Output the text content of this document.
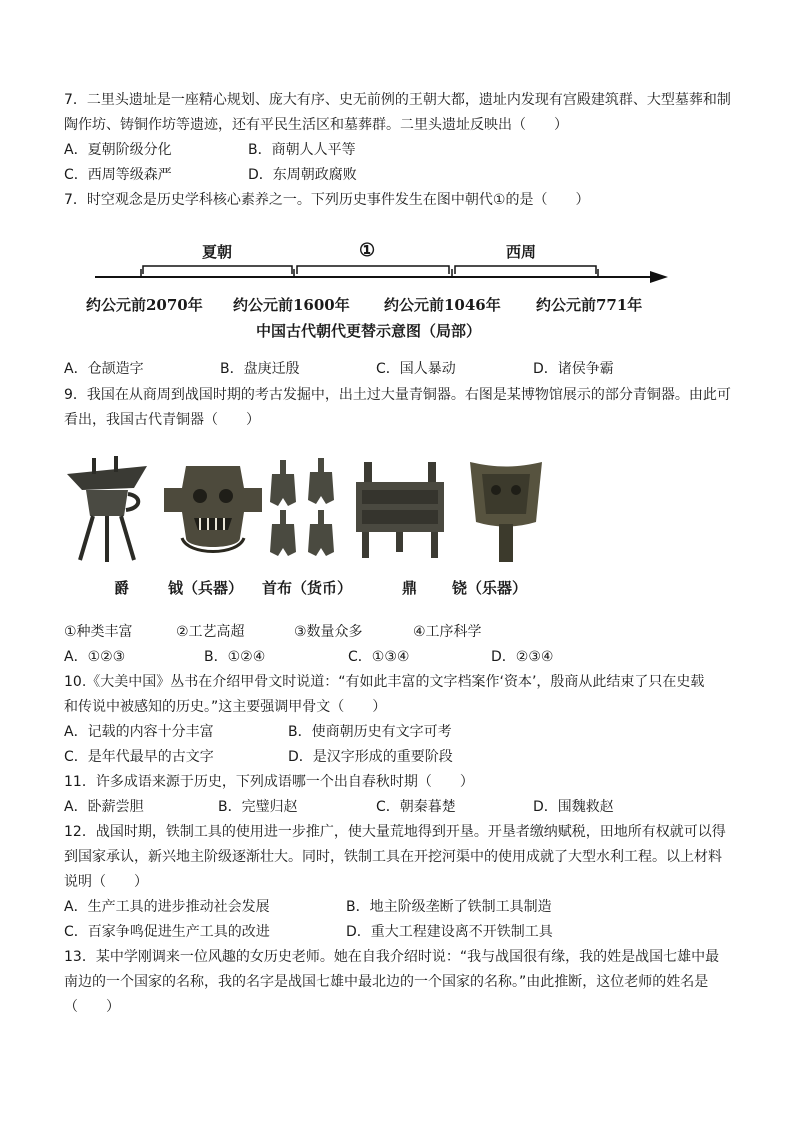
7．二里头遗址是一座精心规划、庞大有序、史无前例的王朝大都，遗址内发现有宫殿建筑群、大型墓葬和制
陶作坊、铸铜作坊等遗迹，还有平民生活区和墓葬群。二里头遗址反映出（　　）
A．夏朝阶级分化	B．商朝人人平等
C．西周等级森严	D．东周朝政腐败
7．时空观念是历史学科核心素养之一。下列历史事件发生在图中朝代①的是（　　）
夏朝	①	西周
约公元前2070年 约公元前1600年 约公元前1046年 约公元前771年
中国古代朝代更替示意图（局部）
A．仓颉造字	B．盘庚迁殷	C．国人暴动	D．诸侯争霸
9．我国在从商周到战国时期的考古发掘中，出土过大量青铜器。右图是某博物馆展示的部分青铜器。由此可
看出，我国古代青铜器（　　）
爵	钺（兵器） 首布（货币）	鼎 铙（乐器）
①种类丰富	②工艺高超	③数量众多	④工序科学
A．①②③	B．①②④	C．①③④	D．②③④
10.《大美中国》丛书在介绍甲骨文时说道：“有如此丰富的文字档案作‘资本’，殷商从此结束了只在史载
和传说中被感知的历史。”这主要强调甲骨文（　　）
A．记载的内容十分丰富	B．使商朝历史有文字可考
C．是年代最早的古文字	D．是汉字形成的重要阶段
11．许多成语来源于历史，下列成语哪一个出自春秋时期（　　）
A．卧薪尝胆	B．完璧归赵	C．朝秦暮楚	D．围魏救赵
12．战国时期，铁制工具的使用进一步推广，使大量荒地得到开垦。开垦者缴纳赋税，田地所有权就可以得
到国家承认，新兴地主阶级逐渐壮大。同时，铁制工具在开挖河渠中的使用成就了大型水利工程。以上材料
说明（　　）
A．生产工具的进步推动社会发展	B．地主阶级垄断了铁制工具制造
C．百家争鸣促进生产工具的改进	D．重大工程建设离不开铁制工具
13．某中学刚调来一位风趣的女历史老师。她在自我介绍时说：“我与战国很有缘，我的姓是战国七雄中最
南边的一个国家的名称，我的名字是战国七雄中最北边的一个国家的名称。”由此推断，这位老师的姓名是
（　　）
